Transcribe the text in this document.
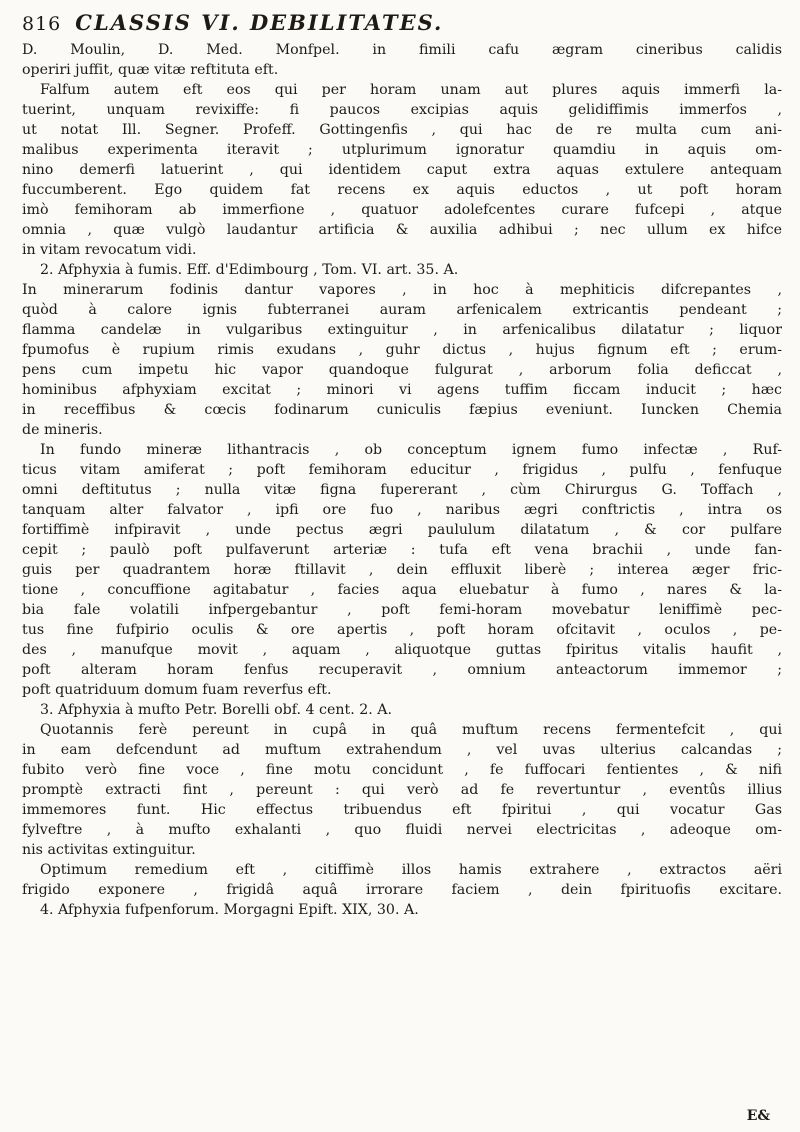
816 CLASSIS VI. DEBILITATES.
D. Moulin, D. Med. Monfpel. in fimili cafu ægram cineribus calidis
operiri juffit, quæ vitæ reftituta eft.
Falfum autem eft eos qui per horam unam aut plures aquis immerfi la-
tuerint, unquam revixiffe: fi paucos excipias aquis gelidiffimis immerfos ,
ut notat Ill. Segner. Profeff. Gottingenfis , qui hac de re multa cum ani-
malibus experimenta iteravit ; utplurimum ignoratur quamdiu in aquis om-
nino demerfi latuerint , qui identidem caput extra aquas extulere antequam
fuccumberent. Ego quidem fat recens ex aquis eductos , ut poft horam
imò femihoram ab immerfione , quatuor adolefcentes curare fufcepi , atque
omnia , quæ vulgò laudantur artificia & auxilia adhibui ; nec ullum ex hifce
in vitam revocatum vidi.
2. Afphyxia à fumis. Eff. d'Edimbourg , Tom. VI. art. 35. A.
In minerarum fodinis dantur vapores , in hoc à mephiticis difcrepantes ,
quòd à calore ignis fubterranei auram arfenicalem extricantis pendeant ;
flamma candelæ in vulgaribus extinguitur , in arfenicalibus dilatatur ; liquor
fpumofus è rupium rimis exudans , guhr dictus , hujus fignum eft ; erum-
pens cum impetu hic vapor quandoque fulgurat , arborum folia deficcat ,
hominibus afphyxiam excitat ; minori vi agens tuffim ficcam inducit ; hæc
in receffibus & cœcis fodinarum cuniculis fæpius eveniunt. Iuncken Chemia
de mineris.
In fundo mineræ lithantracis , ob conceptum ignem fumo infectæ , Ruf-
ticus vitam amiferat ; poft femihoram educitur , frigidus , pulfu , fenfuque
omni deftitutus ; nulla vitæ figna fupererant , cùm Chirurgus G. Toffach ,
tanquam alter falvator , ipfi ore fuo , naribus ægri conftrictis , intra os
fortiffimè infpiravit , unde pectus ægri paululum dilatatum , & cor pulfare
cepit ; paulò poft pulfaverunt arteriæ : tufa eft vena brachii , unde fan-
guis per quadrantem horæ ftillavit , dein effluxit liberè ; interea æger fric-
tione , concuffione agitabatur , facies aqua eluebatur à fumo , nares & la-
bia fale volatili infpergebantur , poft femi-horam movebatur leniffimè pec-
tus fine fufpirio oculis & ore apertis , poft horam ofcitavit , oculos , pe-
des , manufque movit , aquam , aliquotque guttas fpiritus vitalis haufit ,
poft alteram horam fenfus recuperavit , omnium anteactorum immemor ;
poft quatriduum domum fuam reverfus eft.
3. Afphyxia à mufto Petr. Borelli obf. 4 cent. 2. A.
Quotannis ferè pereunt in cupâ in quâ muftum recens fermentefcit , qui
in eam defcendunt ad muftum extrahendum , vel uvas ulterius calcandas ;
fubito verò fine voce , fine motu concidunt , fe fuffocari fentientes , & nifi
promptè extracti fint , pereunt : qui verò ad fe revertuntur , eventûs illius
immemores funt. Hic effectus tribuendus eft fpiritui , qui vocatur Gas
fylveftre , à mufto exhalanti , quo fluidi nervei electricitas , adeoque om-
nis activitas extinguitur.
Optimum remedium eft , citiffimè illos hamis extrahere , extractos aëri
frigido exponere , frigidâ aquâ irrorare faciem , dein fpirituofis excitare.
4. Afphyxia fufpenforum. Morgagni Epift. XIX, 30. A.
E&
